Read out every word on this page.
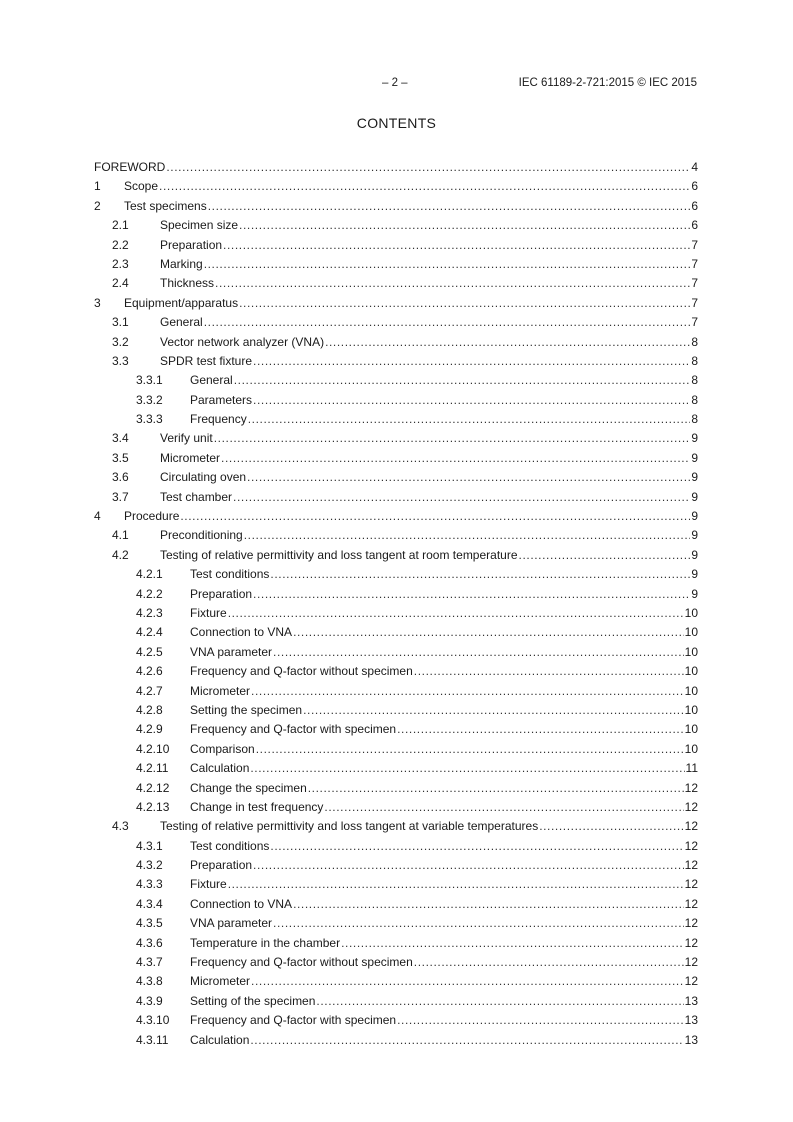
– 2 –	IEC 61189-2-721:2015 © IEC 2015
CONTENTS
FOREWORD .....	4
1	Scope .....	6
2	Test specimens .....	6
2.1	Specimen size .....	6
2.2	Preparation .....	7
2.3	Marking .....	7
2.4	Thickness .....	7
3	Equipment/apparatus .....	7
3.1	General .....	7
3.2	Vector network analyzer (VNA) .....	8
3.3	SPDR test fixture .....	8
3.3.1	General .....	8
3.3.2	Parameters .....	8
3.3.3	Frequency .....	8
3.4	Verify unit .....	9
3.5	Micrometer .....	9
3.6	Circulating oven .....	9
3.7	Test chamber .....	9
4	Procedure .....	9
4.1	Preconditioning .....	9
4.2	Testing of relative permittivity and loss tangent at room temperature .....	9
4.2.1	Test conditions .....	9
4.2.2	Preparation .....	9
4.2.3	Fixture .....	10
4.2.4	Connection to VNA .....	10
4.2.5	VNA parameter .....	10
4.2.6	Frequency and Q-factor without specimen .....	10
4.2.7	Micrometer .....	10
4.2.8	Setting the specimen .....	10
4.2.9	Frequency and Q-factor with specimen .....	10
4.2.10	Comparison .....	10
4.2.11	Calculation .....	11
4.2.12	Change the specimen .....	12
4.2.13	Change in test frequency .....	12
4.3	Testing of relative permittivity and loss tangent at variable temperatures .....	12
4.3.1	Test conditions .....	12
4.3.2	Preparation .....	12
4.3.3	Fixture .....	12
4.3.4	Connection to VNA .....	12
4.3.5	VNA parameter .....	12
4.3.6	Temperature in the chamber .....	12
4.3.7	Frequency and Q-factor without specimen .....	12
4.3.8	Micrometer .....	12
4.3.9	Setting of the specimen .....	13
4.3.10	Frequency and Q-factor with specimen .....	13
4.3.11	Calculation .....	13
